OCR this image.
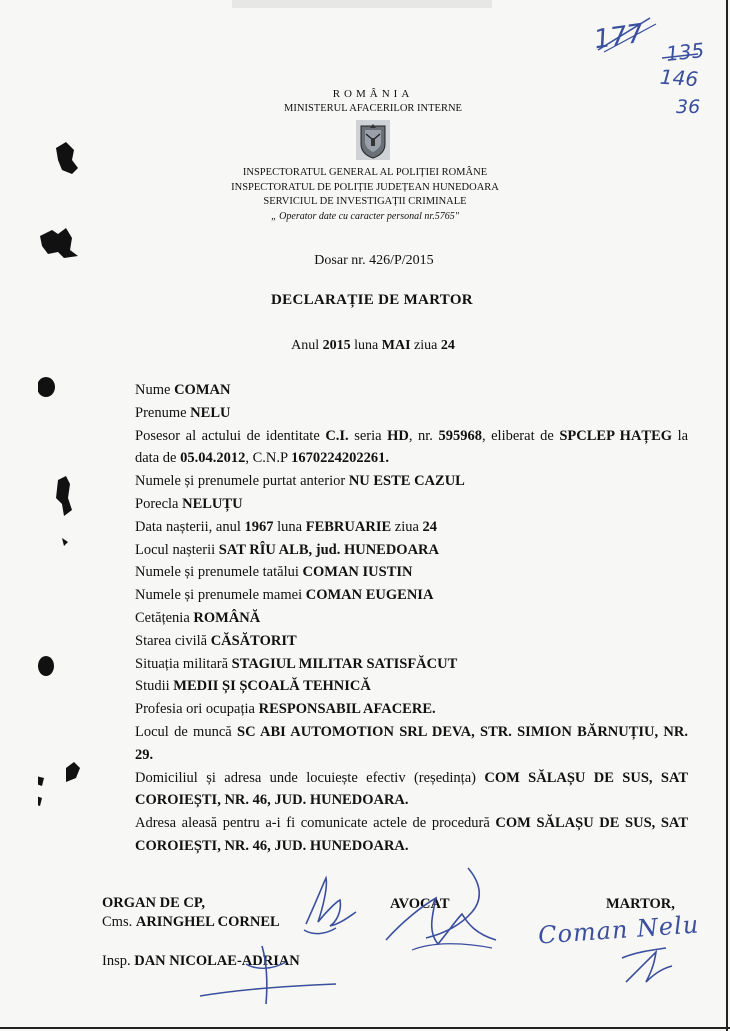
177 135
146
36
ROMÂNIA
MINISTERUL AFACERILOR INTERNE
INSPECTORATUL GENERAL AL POLIȚIEI ROMÂNE
INSPECTORATUL DE POLIȚIE JUDEȚEAN HUNEDOARA
SERVICIUL DE INVESTIGAȚII CRIMINALE
„ Operator date cu caracter personal nr.5765"
Dosar nr. 426/P/2015
DECLARAȚIE DE MARTOR
Anul 2015 luna MAI ziua 24
Nume COMAN
Prenume NELU
Posesor al actului de identitate C.I. seria HD, nr. 595968, eliberat de SPCLEP HAȚEG la data de 05.04.2012, C.N.P 1670224202261.
Numele și prenumele purtat anterior NU ESTE CAZUL
Porecla NELUȚU
Data nașterii, anul 1967 luna FEBRUARIE ziua 24
Locul nașterii SAT RÎU ALB, jud. HUNEDOARA
Numele și prenumele tatălui COMAN IUSTIN
Numele și prenumele mamei COMAN EUGENIA
Cetățenia ROMÂNĂ
Starea civilă CĂSĂTORIT
Situația militară STAGIUL MILITAR SATISFĂCUT
Studii MEDII ȘI ȘCOALĂ TEHNICĂ
Profesia ori ocupația RESPONSABIL AFACERE.
Locul de muncă SC ABI AUTOMOTION SRL DEVA, STR. SIMION BĂRNUȚIU, NR. 29.
Domiciliul și adresa unde locuiește efectiv (reședința) COM SĂLAȘU DE SUS, SAT COROIEȘTI, NR. 46, JUD. HUNEDOARA.
Adresa aleasă pentru a-i fi comunicate actele de procedură COM SĂLAȘU DE SUS, SAT COROIEȘTI, NR. 46, JUD. HUNEDOARA.
ORGAN DE CP,
Cms. ARINGHEL CORNEL
Insp. DAN NICOLAE-ADRIAN
AVOCAT	MARTOR,
Coman Nelu
